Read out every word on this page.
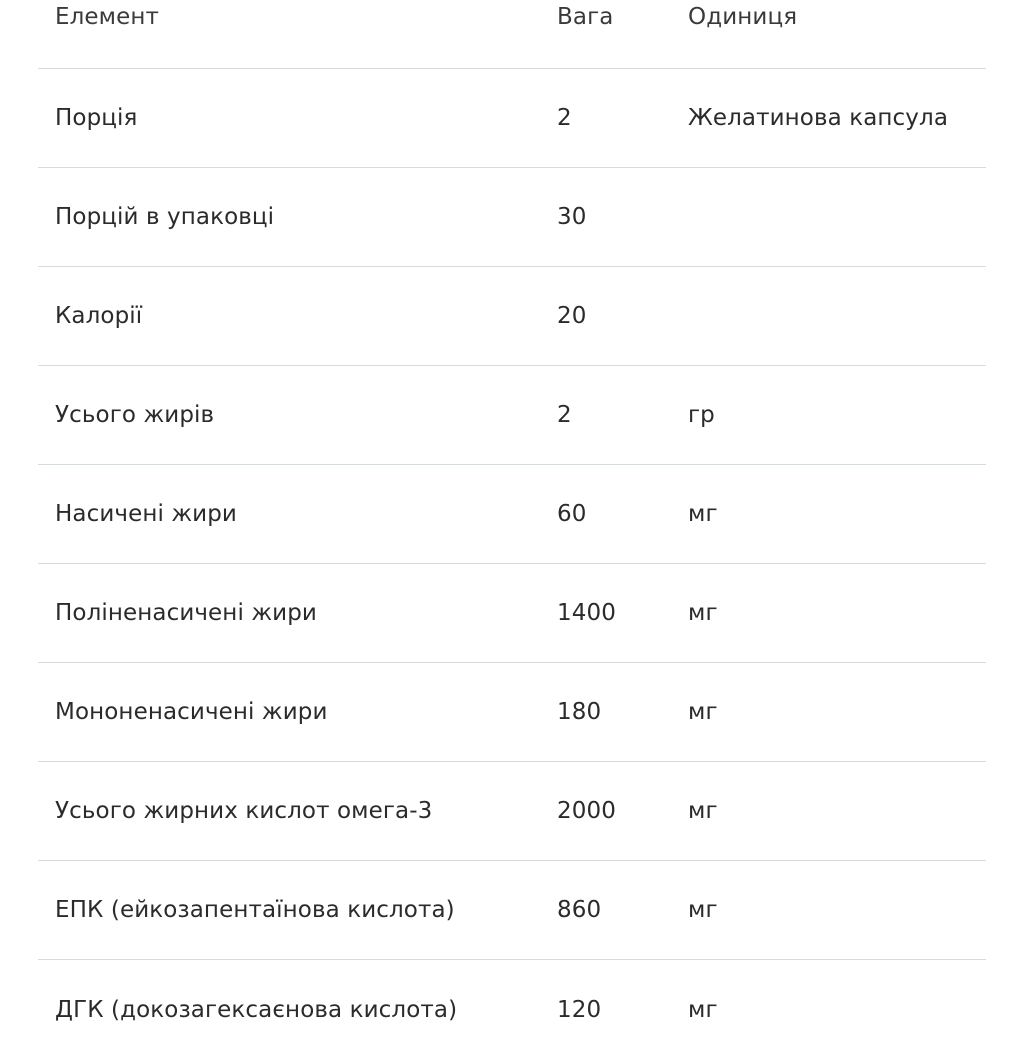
Елемент	Вага	Одиниця
Порція	2	Желатинова капсула
Порцій в упаковці	30
Калорії	20
Усього жирів	2	гр
Насичені жири	60	мг
Поліненасичені жири	1400	мг
Мононенасичені жири	180	мг
Усього жирних кислот омега-3	2000	мг
ЕПК (ейкозапентаїнова кислота)	860	мг
ДГК (докозагексаєнова кислота)	120	мг
